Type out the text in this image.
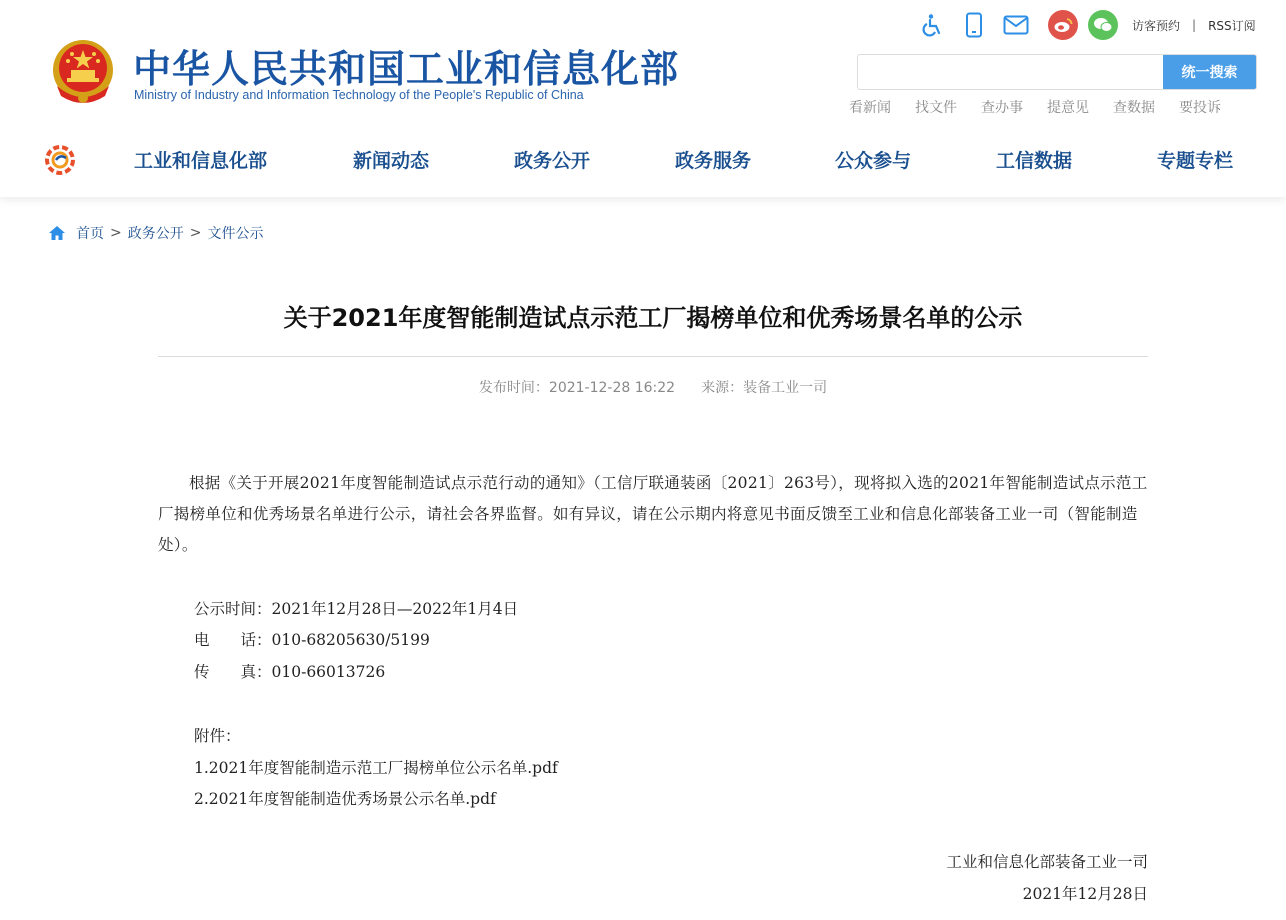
中华人民共和国工业和信息化部
Ministry of Industry and Information Technology of the People's Republic of China
访客预约 | RSS订阅
统一搜索
看新闻 找文件 查办事 提意见 查数据 要投诉
工业和信息化部	新闻动态	政务公开	政务服务	公众参与	工信数据	专题专栏
首页 > 政务公开 > 文件公示
关于2021年度智能制造试点示范工厂揭榜单位和优秀场景名单的公示
发布时间：2021-12-28 16:22 来源：装备工业一司

根据《关于开展2021年度智能制造试点示范行动的通知》（工信厅联通装函〔2021〕263号），现将拟入选的2021年智能制造试点示范工厂揭榜单位和优秀场景名单进行公示，请社会各界监督。如有异议，请在公示期内将意见书面反馈至工业和信息化部装备工业一司（智能制造处）。

公示时间：2021年12月28日—2022年1月4日
电　　话：010-68205630/5199
传　　真：010-66013726
附件：
1.2021年度智能制造示范工厂揭榜单位公示名单.pdf
2.2021年度智能制造优秀场景公示名单.pdf
工业和信息化部装备工业一司
2021年12月28日
